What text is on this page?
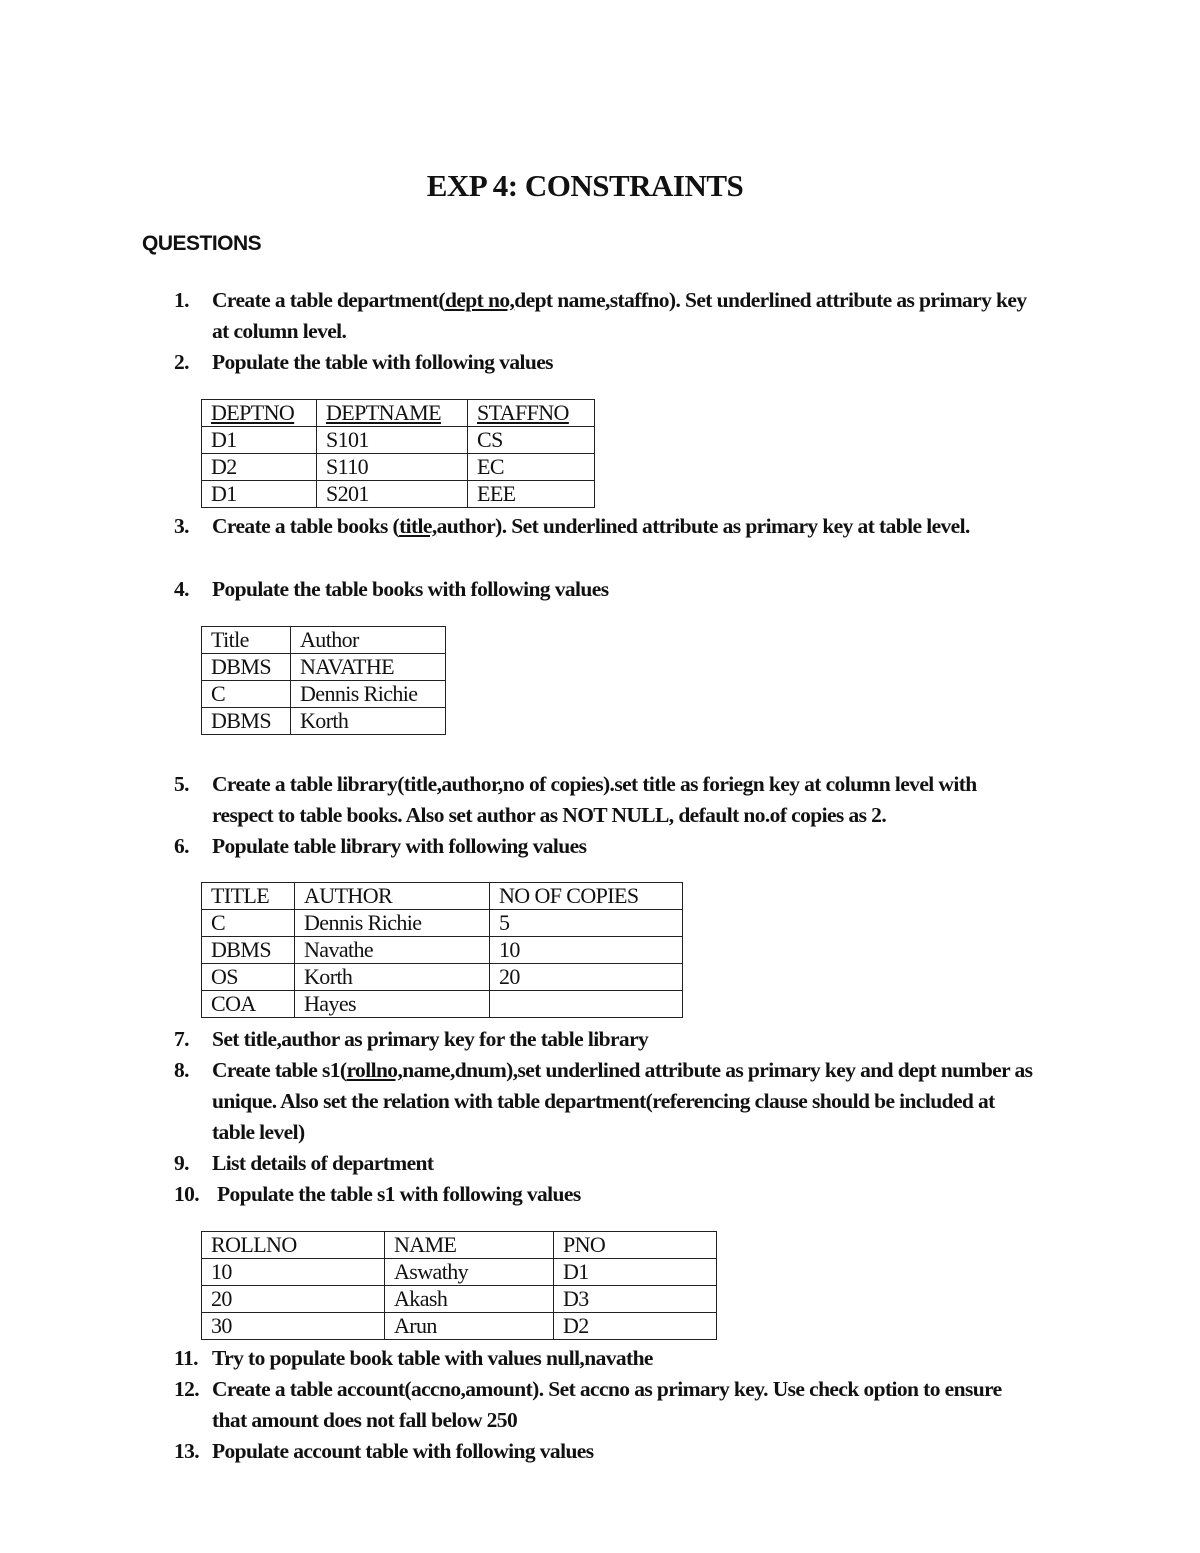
EXP 4: CONSTRAINTS
QUESTIONS
1.	Create a table department(dept no,dept name,staffno). Set underlined attribute as primary key at column level.
2.	Populate the table with following values
DEPTNO	DEPTNAME	STAFFNO
D1	S101	CS
D2	S110	EC
D1	S201	EEE
3.	Create a table books (title,author). Set underlined attribute as primary key at table level.
4.	Populate the table books with following values
Title	Author
DBMS	NAVATHE
C	Dennis Richie
DBMS	Korth
5.	Create a table library(title,author,no of copies).set title as foriegn key at column level with respect to table books. Also set author as NOT NULL, default no.of copies as 2.
6.	Populate table library with following values
TITLE	AUTHOR	NO OF COPIES
C	Dennis Richie	5
DBMS	Navathe	10
OS	Korth	20
COA	Hayes	
7.	Set title,author as primary key for the table library
8.	Create table s1(rollno,name,dnum),set underlined attribute as primary key and dept number as unique. Also set the relation with table department(referencing clause should be included at table level)
9.	List details of department
10. Populate the table s1 with following values
ROLLNO	NAME	PNO
10	Aswathy	D1
20	Akash	D3
30	Arun	D2
11. Try to populate book table with values null,navathe
12. Create a table account(accno,amount). Set accno as primary key. Use check option to ensure that amount does not fall below 250
13. Populate account table with following values
